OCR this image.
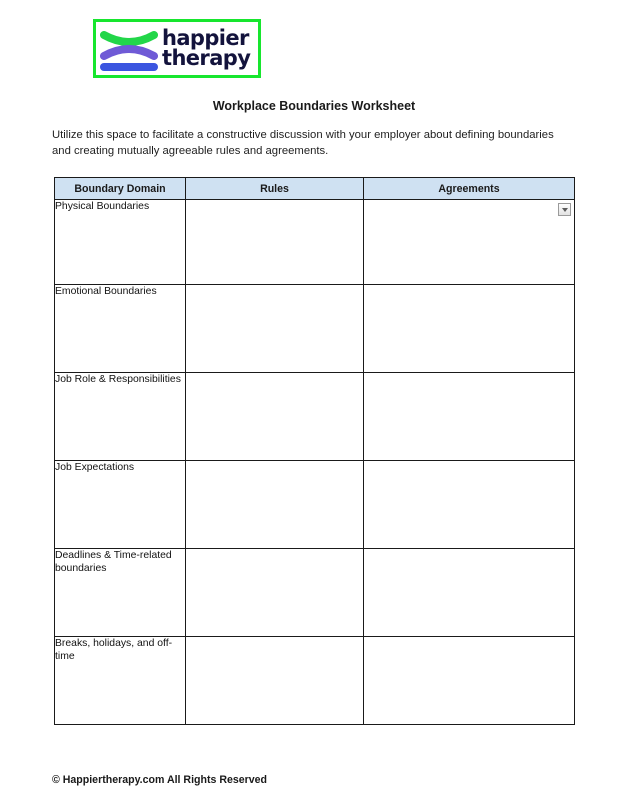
happier
therapy
Workplace Boundaries Worksheet
Utilize this space to facilitate a constructive discussion with your employer about defining boundaries and creating mutually agreeable rules and agreements.
Boundary Domain	Rules	Agreements
Physical Boundaries		

Emotional Boundaries		
Job Role & Responsibilities		
Job Expectations		
Deadlines & Time-related boundaries		
Breaks, holidays, and off-time		
© Happiertherapy.com All Rights Reserved
